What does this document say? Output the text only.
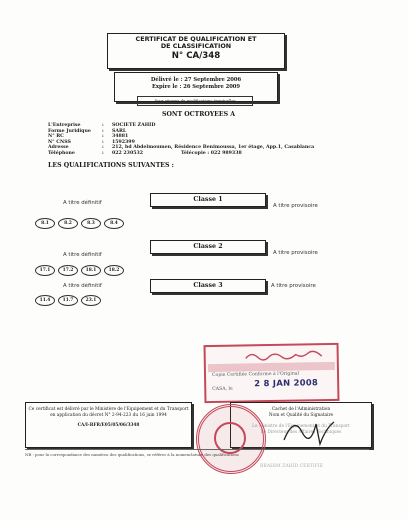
CERTIFICAT DE QUALIFICATION ET
DE CLASSIFICATION
N° CA/348
Délivré le : 27 Septembre 2006
Expire le : 26 Septembre 2009
Sous réserve de modifications éventuelles
SONT OCTROYEES A
L'Entreprise	:	SOCIETE ZAHID
Forme Juridique	:	SARL
N° RC	:	34881
N° CNSS	:	1592399
Adresse	:	212, bd Abdelmoumen, Résidence Benimoussa, 1er étage, App.1, Casablanca
Téléphone	:	022 230532	Télécopie :
022 989338
LES QUALIFICATIONS SUIVANTES :
Classe 1
A titre définitif	A titre provisoire
8.1	8.2	8.3	8.4
Classe 2
A titre définitif	A titre provisoire
17.1	17.2	18.1	18.2
Classe 3
A titre définitif	A titre provisoire
11.4	11.7	23.1
Copie Certifiée Conforme à l'Original
CASA, le
2 8 JAN 2008
Ce certificat est délivré par le Ministère de l'Equipement et du Transport en application du décret N° 2-94-223 du 16 juin 1994
CA/I-BFR/E05/05/06/3348
Cachet de l'Administration
Nom et Qualité du Signataire
Le Ministre de l'Equipement et du Transport
Le Directeur des Affaires Techniques
NB : pour la correspondance des numéros des qualifications, se référer à la nomenclature des qualifications
BRAHIM ZAHID CERTIFIE
